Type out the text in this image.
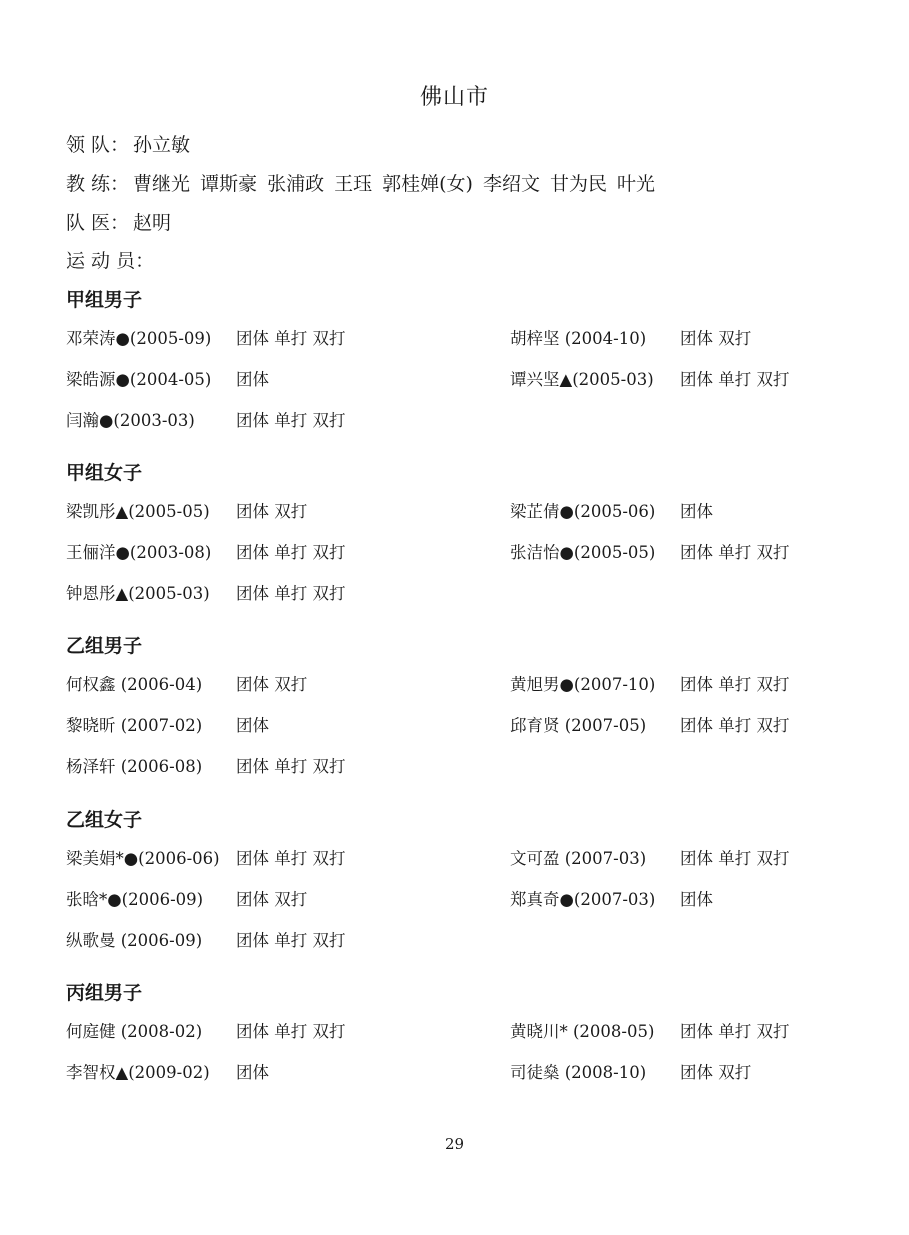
佛山市
领 队： 孙立敏
教 练： 曹继光 谭斯豪 张浦政 王珏 郭桂婵(女) 李绍文 甘为民 叶光
队 医： 赵明
运 动 员：
甲组男子
邓荣涛●(2005-09) 团体 单打 双打	胡梓坚 (2004-10) 团体 双打
梁皓源●(2004-05) 团体	谭兴坚▲(2005-03) 团体 单打 双打
闫瀚●(2003-03) 团体 单打 双打
甲组女子
梁凯彤▲(2005-05) 团体 双打	梁芷倩●(2005-06) 团体
王俪洋●(2003-08) 团体 单打 双打	张洁怡●(2005-05) 团体 单打 双打
钟恩彤▲(2005-03) 团体 单打 双打
乙组男子
何权鑫 (2006-04) 团体 双打	黄旭男●(2007-10) 团体 单打 双打
黎晓昕 (2007-02) 团体	邱育贤 (2007-05) 团体 单打 双打
杨泽轩 (2006-08) 团体 单打 双打
乙组女子
梁美娟*●(2006-06) 团体 单打 双打	文可盈 (2007-03) 团体 单打 双打
张晗*●(2006-09) 团体 双打	郑真奇●(2007-03) 团体
纵歌曼 (2006-09) 团体 单打 双打
丙组男子
何庭健 (2008-02) 团体 单打 双打	黄晓川* (2008-05) 团体 单打 双打
李智权▲(2009-02) 团体	司徒燊 (2008-10) 团体 双打
29
